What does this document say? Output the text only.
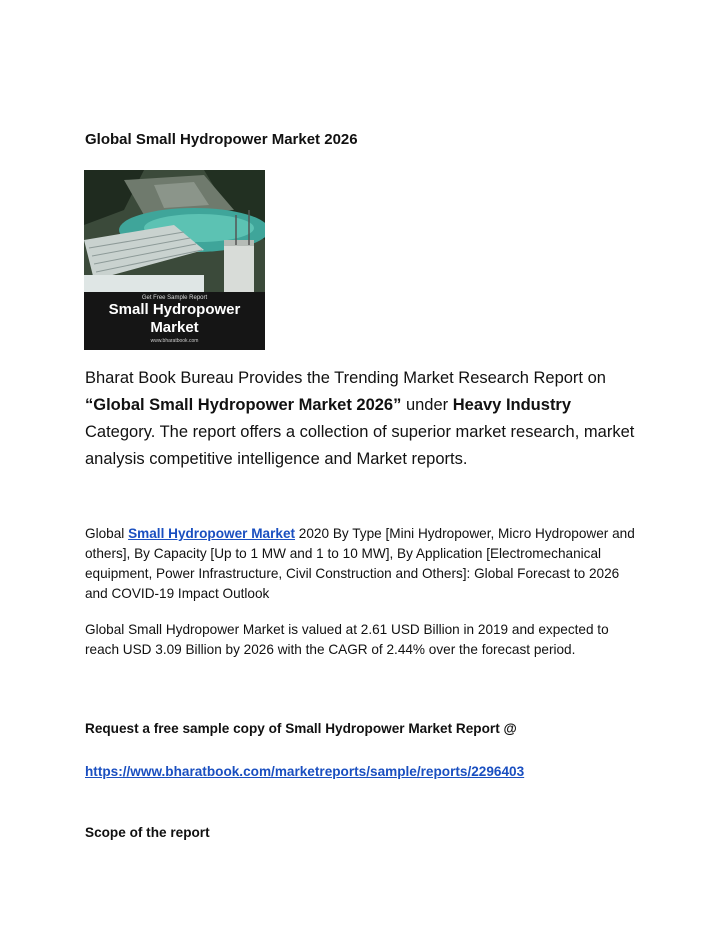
Global Small Hydropower Market 2026
Get Free Sample Report
Small Hydropower
Market
www.bharatbook.com
Bharat Book Bureau Provides the Trending Market Research Report on “Global Small Hydropower Market 2026” under Heavy Industry Category. The report offers a collection of superior market research, market analysis competitive intelligence and Market reports.
Global Small Hydropower Market 2020 By Type [Mini Hydropower, Micro Hydropower and others], By Capacity [Up to 1 MW and 1 to 10 MW], By Application [Electromechanical equipment, Power Infrastructure, Civil Construction and Others]: Global Forecast to 2026 and COVID-19 Impact Outlook
Global Small Hydropower Market is valued at 2.61 USD Billion in 2019 and expected to reach USD 3.09 Billion by 2026 with the CAGR of 2.44% over the forecast period.
Request a free sample copy of Small Hydropower Market Report @
https://www.bharatbook.com/marketreports/sample/reports/2296403
Scope of the report
